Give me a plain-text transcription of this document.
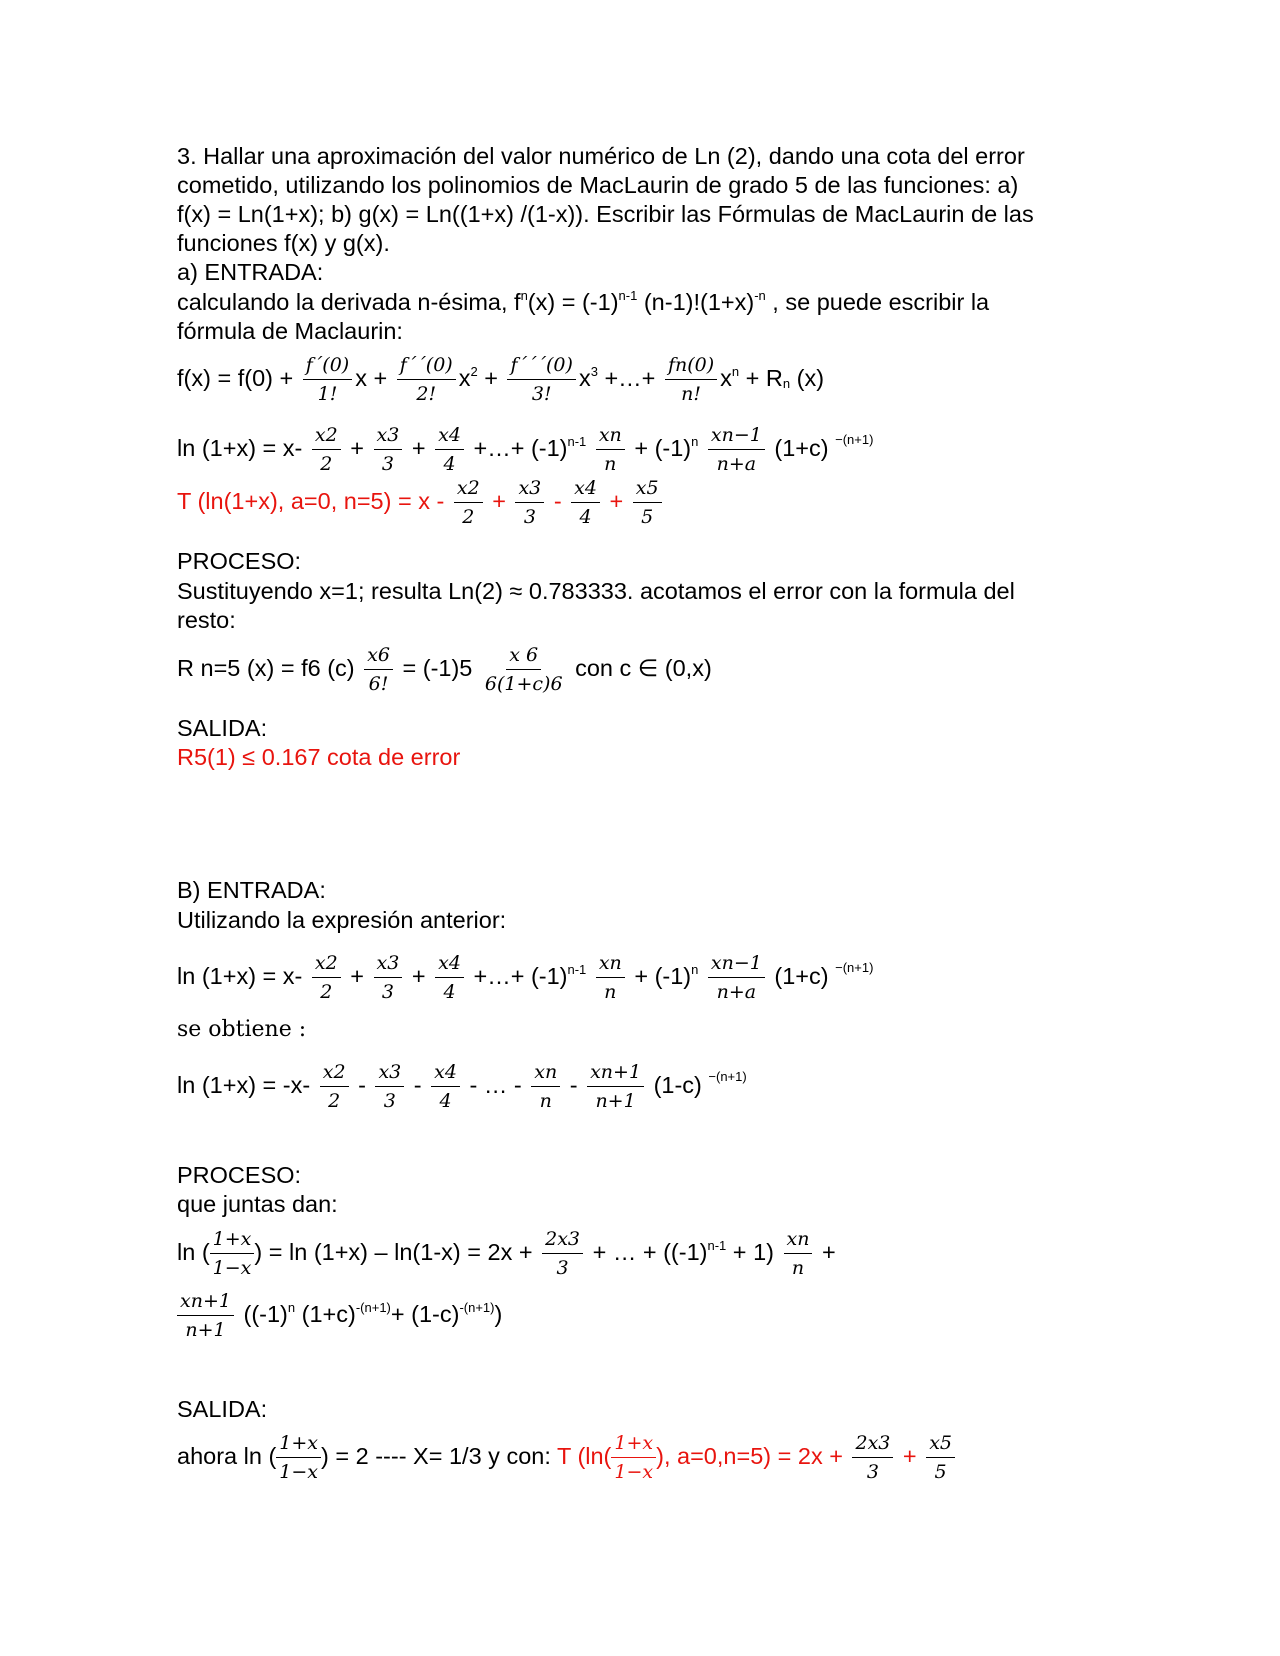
3. Hallar una aproximación del valor numérico de Ln (2), dando una cota del error
cometido, utilizando los polinomios de MacLaurin de grado 5 de las funciones: a)
f(x) = Ln(1+x); b) g(x) = Ln((1+x) /(1-x)). Escribir las Fórmulas de MacLaurin de las
funciones f(x) y g(x).
a) ENTRADA:
calculando la derivada n-ésima, $f^n(x) = (-1)^{n-1}$ $(n-1)!(1+x)^{-n}$ , se puede escribir la
fórmula de Maclaurin:
$f(x) = f(0) + \frac{f´(0)}{1!}$ $x + \frac{f´´(0)}{2!} x^2 + \frac{f´´´(0)}{3!} x^3$ +…+ $\frac{fn(0)}{n!} x^n + R_n$ (x)
$\ln (1+x) = x- \frac{x2}{2} + \frac{x3}{3} + \frac{x4}{4}$ +…+ $(-1)^{n-1} \frac{xn}{n} + (-1)^n \frac{xn-1}{n+a} (1+c)$ $^{-(n+1)}$
T (ln(1+x), a=0, $n=5) = x - \frac{x2}{2} + \frac{x3}{3} - \frac{x4}{4} + \frac{x5}{5}$
PROCESO:
Sustituyendo x=1; resulta Ln(2) ≈ 0.783333. acotamos el error con la formula del
resto:
R n=5 (x) = f6 $(c) \frac{x6}{6!} = (-1)5 \frac{x 6}{6(1+c)6}$ con c ∈ (0,x)
SALIDA:
R5(1) ≤ 0.167 cota de error
B) ENTRADA:
Utilizando la expresión anterior:
$\ln (1+x) = x- \frac{x2}{2} + \frac{x3}{3} + \frac{x4}{4}$ +…+ $(-1)^{n-1} \frac{xn}{n} + (-1)^n \frac{xn-1}{n+a} (1+c)$ $^{-(n+1)}$
se obtiene :
$\ln (1+x) = -x- \frac{x2}{2} - \frac{x3}{3} - \frac{x4}{4}$ - … - $\frac{xn}{n} - \frac{xn+1}{n+1} (1-c)$ $^{-(n+1)}$
PROCESO:
que juntas dan:
ln ( $\frac{1+x}{1-x}$ ) = $\ln (1+x) - \ln(1-x) = 2x + \frac{2x3}{3}$ + … + $((-1)^{n-1} + 1) \frac{xn}{n}$ +
$\frac{xn+1}{n+1} ((-1)^n$ $(1+c)^{-(n+1)}+ (1-c)^{-(n+1)}$)
SALIDA:
ahora ln ( $\frac{1+x}{1-x}$ ) = 2 ---- X= 1/3 y con: T ($\ln( \frac{1+x}{1-x}$ ), $a=0,n=5) = 2x + \frac{2x3}{3} + \frac{x5}{5}$
